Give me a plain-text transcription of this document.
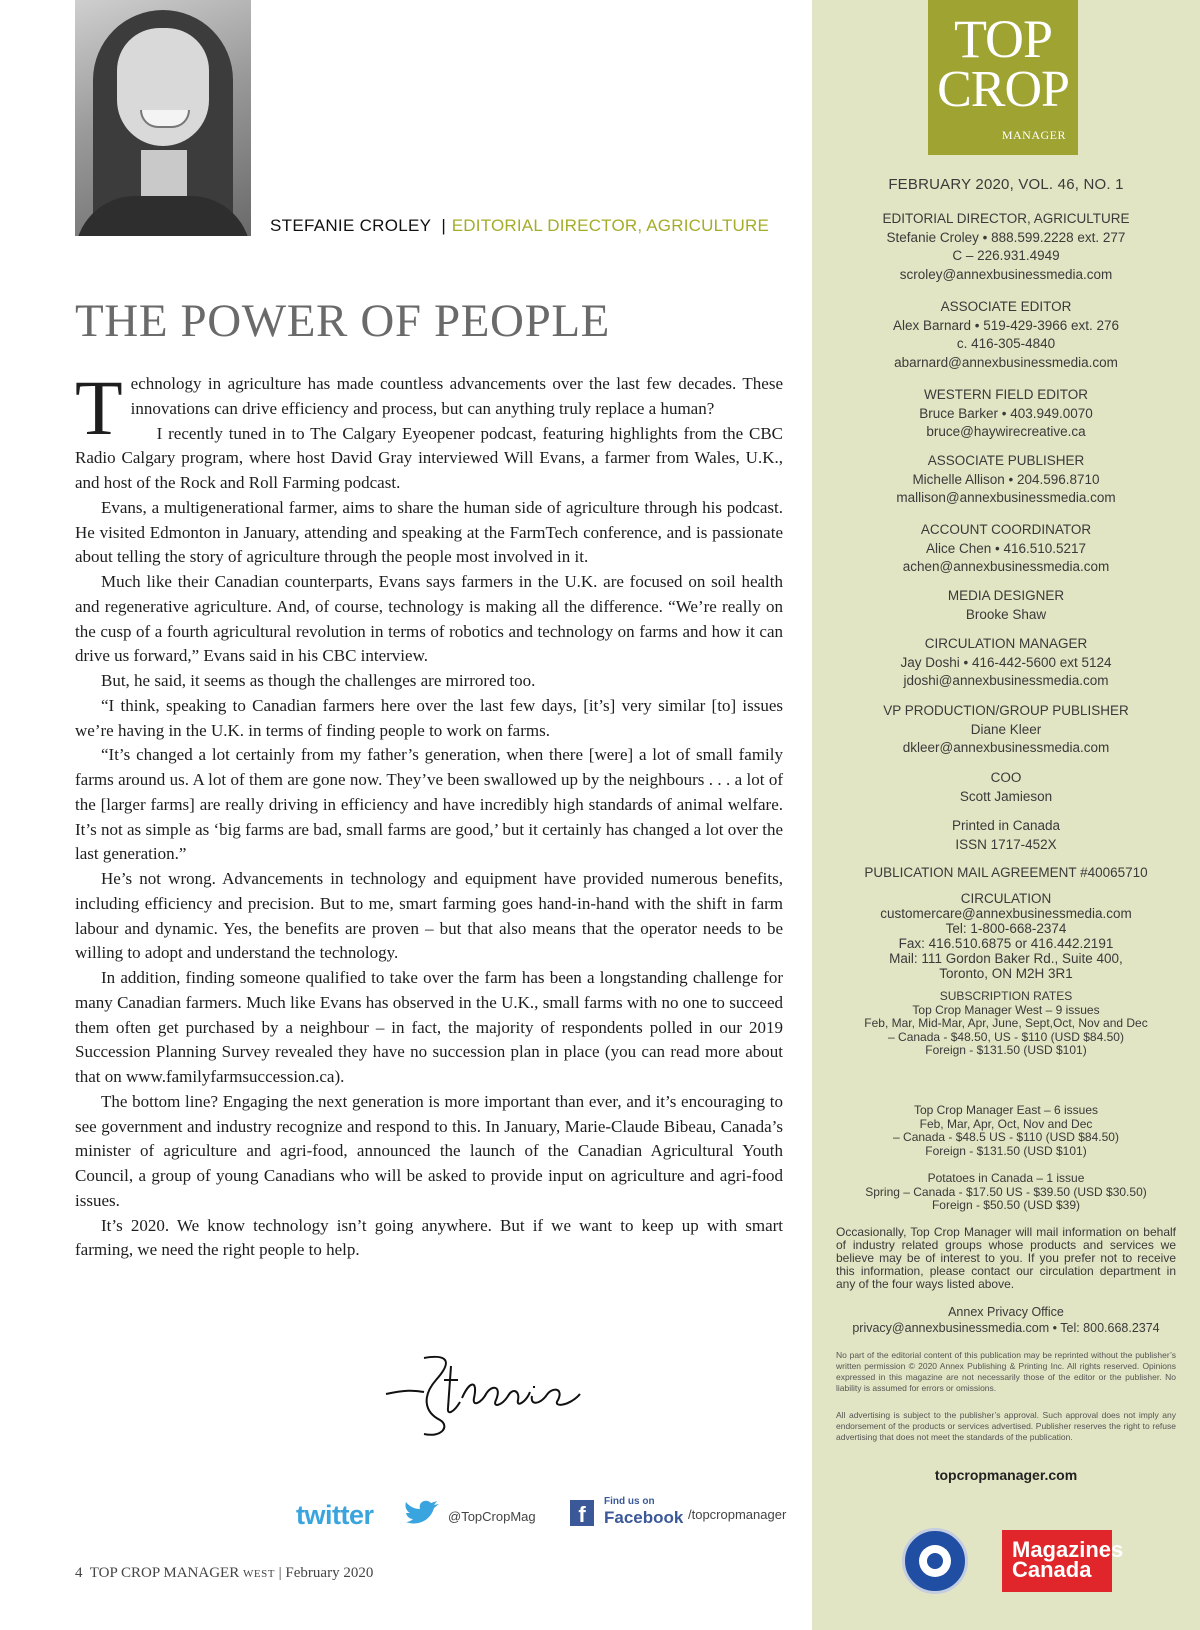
STEFANIE CROLEY | EDITORIAL DIRECTOR, AGRICULTURE
THE POWER OF PEOPLE

Technology in agriculture has made countless advancements over the last few decades. These innovations can drive efficiency and process, but can anything truly replace a human?

I recently tuned in to The Calgary Eyeopener podcast, featuring highlights from the CBC Radio Calgary program, where host David Gray interviewed Will Evans, a farmer from Wales, U.K., and host of the Rock and Roll Farming podcast.

Evans, a multigenerational farmer, aims to share the human side of agriculture through his podcast. He visited Edmonton in January, attending and speaking at the FarmTech conference, and is passionate about telling the story of agriculture through the people most involved in it.

Much like their Canadian counterparts, Evans says farmers in the U.K. are focused on soil health and regenerative agriculture. And, of course, technology is making all the difference. “We’re really on the cusp of a fourth agricultural revolution in terms of robotics and technology on farms and how it can drive us forward,” Evans said in his CBC interview.

But, he said, it seems as though the challenges are mirrored too.

“I think, speaking to Canadian farmers here over the last few days, [it’s] very similar [to] issues we’re having in the U.K. in terms of finding people to work on farms.

“It’s changed a lot certainly from my father’s generation, when there [were] a lot of small family farms around us. A lot of them are gone now. They’ve been swallowed up by the neighbours . . . a lot of the [larger farms] are really driving in efficiency and have incredibly high standards of animal welfare. It’s not as simple as ‘big farms are bad, small farms are good,’ but it certainly has changed a lot over the last generation.”

He’s not wrong. Advancements in technology and equipment have provided numerous benefits, including efficiency and precision. But to me, smart farming goes hand-in-hand with the shift in farm labour and dynamic. Yes, the benefits are proven – but that also means that the operator needs to be willing to adopt and understand the technology.

In addition, finding someone qualified to take over the farm has been a longstanding challenge for many Canadian farmers. Much like Evans has observed in the U.K., small farms with no one to succeed them often get purchased by a neighbour – in fact, the majority of respondents polled in our 2019 Succession Planning Survey revealed they have no succession plan in place (you can read more about that on www.familyfarmsuccession.ca).

The bottom line? Engaging the next generation is more important than ever, and it’s encouraging to see government and industry recognize and respond to this. In January, Marie-Claude Bibeau, Canada’s minister of agriculture and agri-food, announced the launch of the Canadian Agricultural Youth Council, a group of young Canadians who will be asked to provide input on agriculture and agri-food issues.

It’s 2020. We know technology isn’t going anywhere. But if we want to keep up with smart farming, we need the right people to help.

twitter	@TopCropMag	f
Find us on
Facebook /topcropmanager
4 TOP CROP MANAGER WEST | February 2020
TOP
CROP
MANAGER
FEBRUARY 2020, VOL. 46, NO. 1
EDITORIAL DIRECTOR, AGRICULTURE
Stefanie Croley • 888.599.2228 ext. 277
C – 226.931.4949
scroley@annexbusinessmedia.com
ASSOCIATE EDITOR
Alex Barnard • 519-429-3966 ext. 276
c. 416-305-4840
abarnard@annexbusinessmedia.com
WESTERN FIELD EDITOR
Bruce Barker • 403.949.0070
bruce@haywirecreative.ca
ASSOCIATE PUBLISHER
Michelle Allison • 204.596.8710
mallison@annexbusinessmedia.com
ACCOUNT COORDINATOR
Alice Chen • 416.510.5217
achen@annexbusinessmedia.com
MEDIA DESIGNER
Brooke Shaw
CIRCULATION MANAGER
Jay Doshi • 416-442-5600 ext 5124
jdoshi@annexbusinessmedia.com
VP PRODUCTION/GROUP PUBLISHER
Diane Kleer
dkleer@annexbusinessmedia.com
COO
Scott Jamieson
Printed in Canada
ISSN 1717-452X
PUBLICATION MAIL AGREEMENT #40065710
CIRCULATION
customercare@annexbusinessmedia.com
Tel: 1-800-668-2374
Fax: 416.510.6875 or 416.442.2191
Mail: 111 Gordon Baker Rd., Suite 400,
Toronto, ON M2H 3R1
SUBSCRIPTION RATES
Top Crop Manager West – 9 issues
Feb, Mar, Mid-Mar, Apr, June, Sept,Oct, Nov and Dec
– Canada - $48.50, US - $110 (USD $84.50)
Foreign - $131.50 (USD $101)
Top Crop Manager East – 6 issues
Feb, Mar, Apr, Oct, Nov and Dec
– Canada - $48.5 US - $110 (USD $84.50)
Foreign - $131.50 (USD $101)
Potatoes in Canada – 1 issue
Spring – Canada - $17.50 US - $39.50 (USD $30.50)
Foreign - $50.50 (USD $39)
Occasionally, Top Crop Manager will mail information on behalf of industry related groups whose products and services we believe may be of interest to you. If you prefer not to receive this information, please contact our circulation department in any of the four ways listed above.
Annex Privacy Office
privacy@annexbusinessmedia.com • Tel: 800.668.2374
No part of the editorial content of this publication may be reprinted without the publisher’s written permission © 2020 Annex Publishing & Printing Inc. All rights reserved. Opinions expressed in this magazine are not necessarily those of the editor or the publisher. No liability is assumed for errors or omissions.
All advertising is subject to the publisher’s approval. Such approval does not imply any endorsement of the products or services advertised. Publisher reserves the right to refuse advertising that does not meet the standards of the publication.
topcropmanager.com
Magazines
Canada
